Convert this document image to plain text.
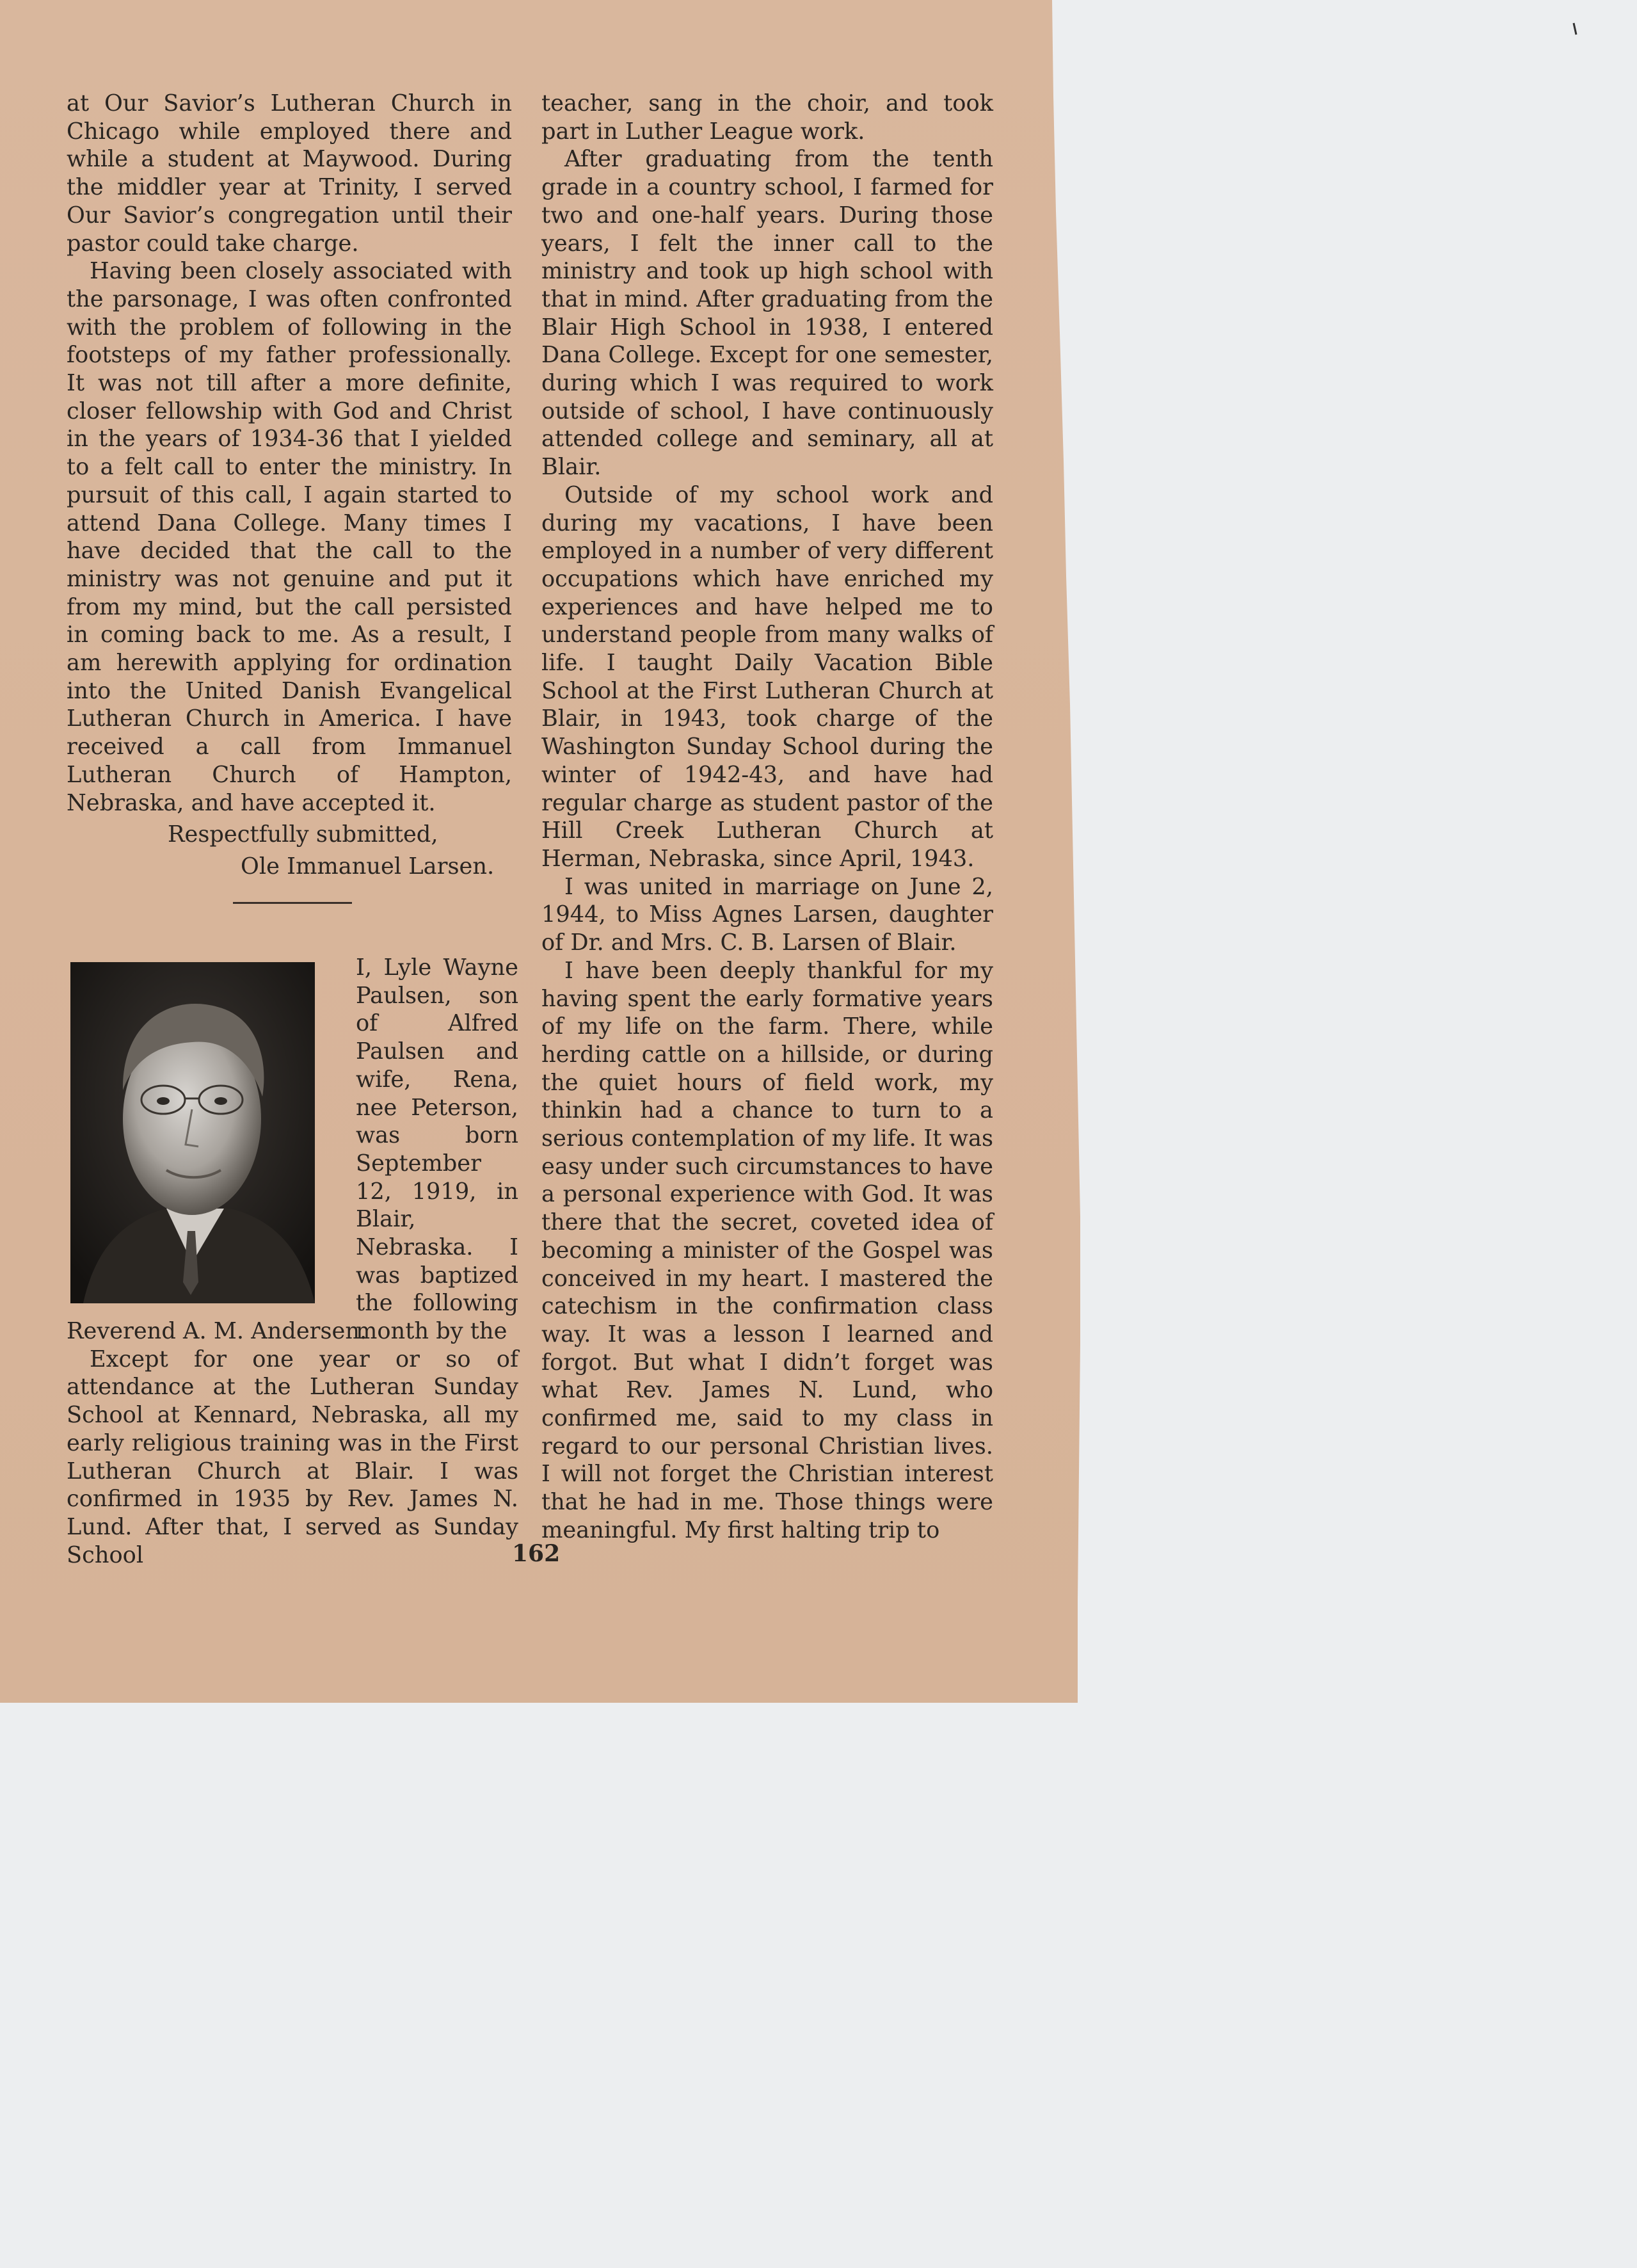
at Our Savior’s Lutheran Church in Chicago while employed there and while a student at Maywood. During the middler year at Trinity, I served Our Savior’s congregation until their pastor could take charge.

Having been closely associated with the parsonage, I was often confronted with the problem of following in the footsteps of my father professionally. It was not till after a more definite, closer fellowship with God and Christ in the years of 1934-36 that I yielded to a felt call to enter the ministry. In pursuit of this call, I again started to attend Dana College. Many times I have decided that the call to the ministry was not genuine and put it from my mind, but the call persisted in coming back to me. As a result, I am herewith applying for ordination into the United Danish Evangelical Lutheran Church in America. I have received a call from Immanuel Lutheran Church of Hampton, Nebraska, and have accepted it.

Respectfully submitted,

Ole Immanuel Larsen.

I, Lyle Wayne Paulsen, son of Alfred Paulsen and wife, Rena, nee Peterson, was born September 12, 1919, in Blair, Nebraska. I was baptized the following month by the

Reverend A. M. Andersen.

Except for one year or so of attendance at the Lutheran Sunday School at Kennard, Nebraska, all my early religious training was in the First Lutheran Church at Blair. I was confirmed in 1935 by Rev. James N. Lund. After that, I served as Sunday School

teacher, sang in the choir, and took part in Luther League work.

After graduating from the tenth grade in a country school, I farmed for two and one-half years. During those years, I felt the inner call to the ministry and took up high school with that in mind. After graduating from the Blair High School in 1938, I entered Dana College. Except for one semester, during which I was required to work outside of school, I have continuously attended college and seminary, all at Blair.

Outside of my school work and during my vacations, I have been employed in a number of very different occupations which have enriched my experiences and have helped me to understand people from many walks of life. I taught Daily Vacation Bible School at the First Lutheran Church at Blair, in 1943, took charge of the Washington Sunday School during the winter of 1942-43, and have had regular charge as student pastor of the Hill Creek Lutheran Church at Herman, Nebraska, since April, 1943.

I was united in marriage on June 2, 1944, to Miss Agnes Larsen, daughter of Dr. and Mrs. C. B. Larsen of Blair.

I have been deeply thankful for my having spent the early formative years of my life on the farm. There, while herding cattle on a hillside, or during the quiet hours of field work, my thinkin had a chance to turn to a serious contemplation of my life. It was easy under such circumstances to have a personal experience with God. It was there that the secret, coveted idea of becoming a minister of the Gospel was conceived in my heart. I mastered the catechism in the confirmation class way. It was a lesson I learned and forgot. But what I didn’t forget was what Rev. James N. Lund, who confirmed me, said to my class in regard to our personal Christian lives. I will not forget the Christian interest that he had in me. Those things were meaningful. My first halting trip to

162
